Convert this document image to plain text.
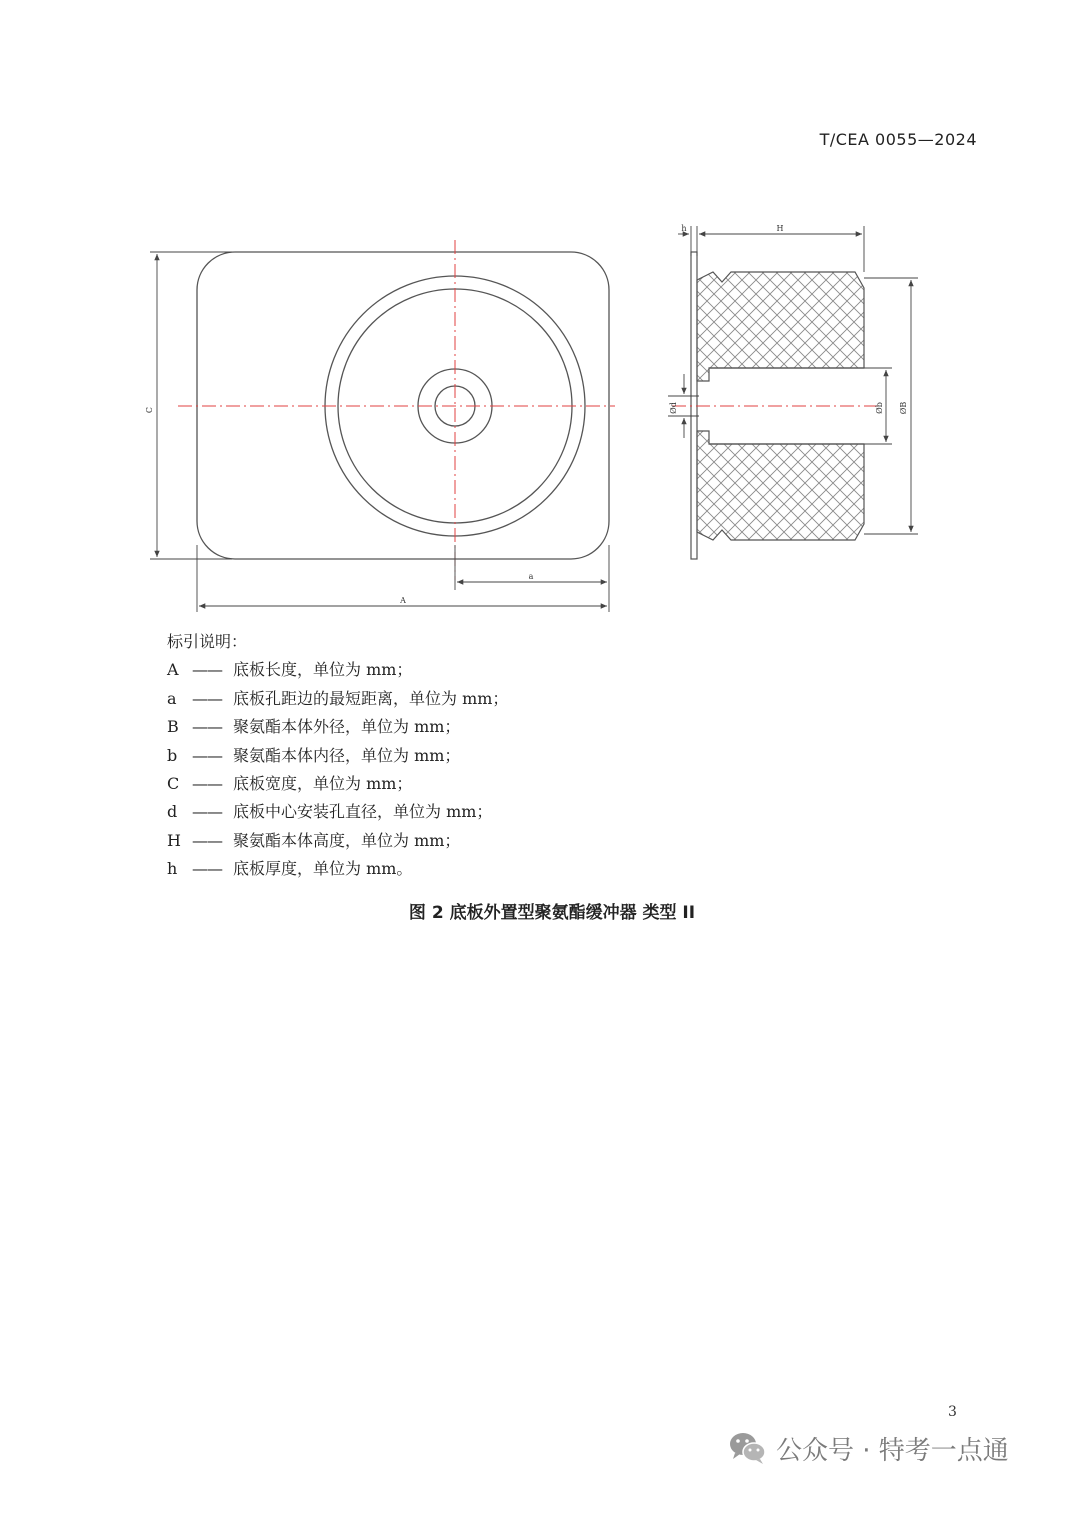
T/CEA 0055—2024
C
a
A
h	H
Ød	Øb ØB
标引说明：
A —— 底板长度，单位为 mm；
a —— 底板孔距边的最短距离，单位为 mm；
B —— 聚氨酯本体外径，单位为 mm；
b —— 聚氨酯本体内径，单位为 mm；
C —— 底板宽度，单位为 mm；
d —— 底板中心安装孔直径，单位为 mm；
H —— 聚氨酯本体高度，单位为 mm；
h —— 底板厚度，单位为 mm。
图 2 底板外置型聚氨酯缓冲器 类型 II
3
公众号 · 特考一点通
